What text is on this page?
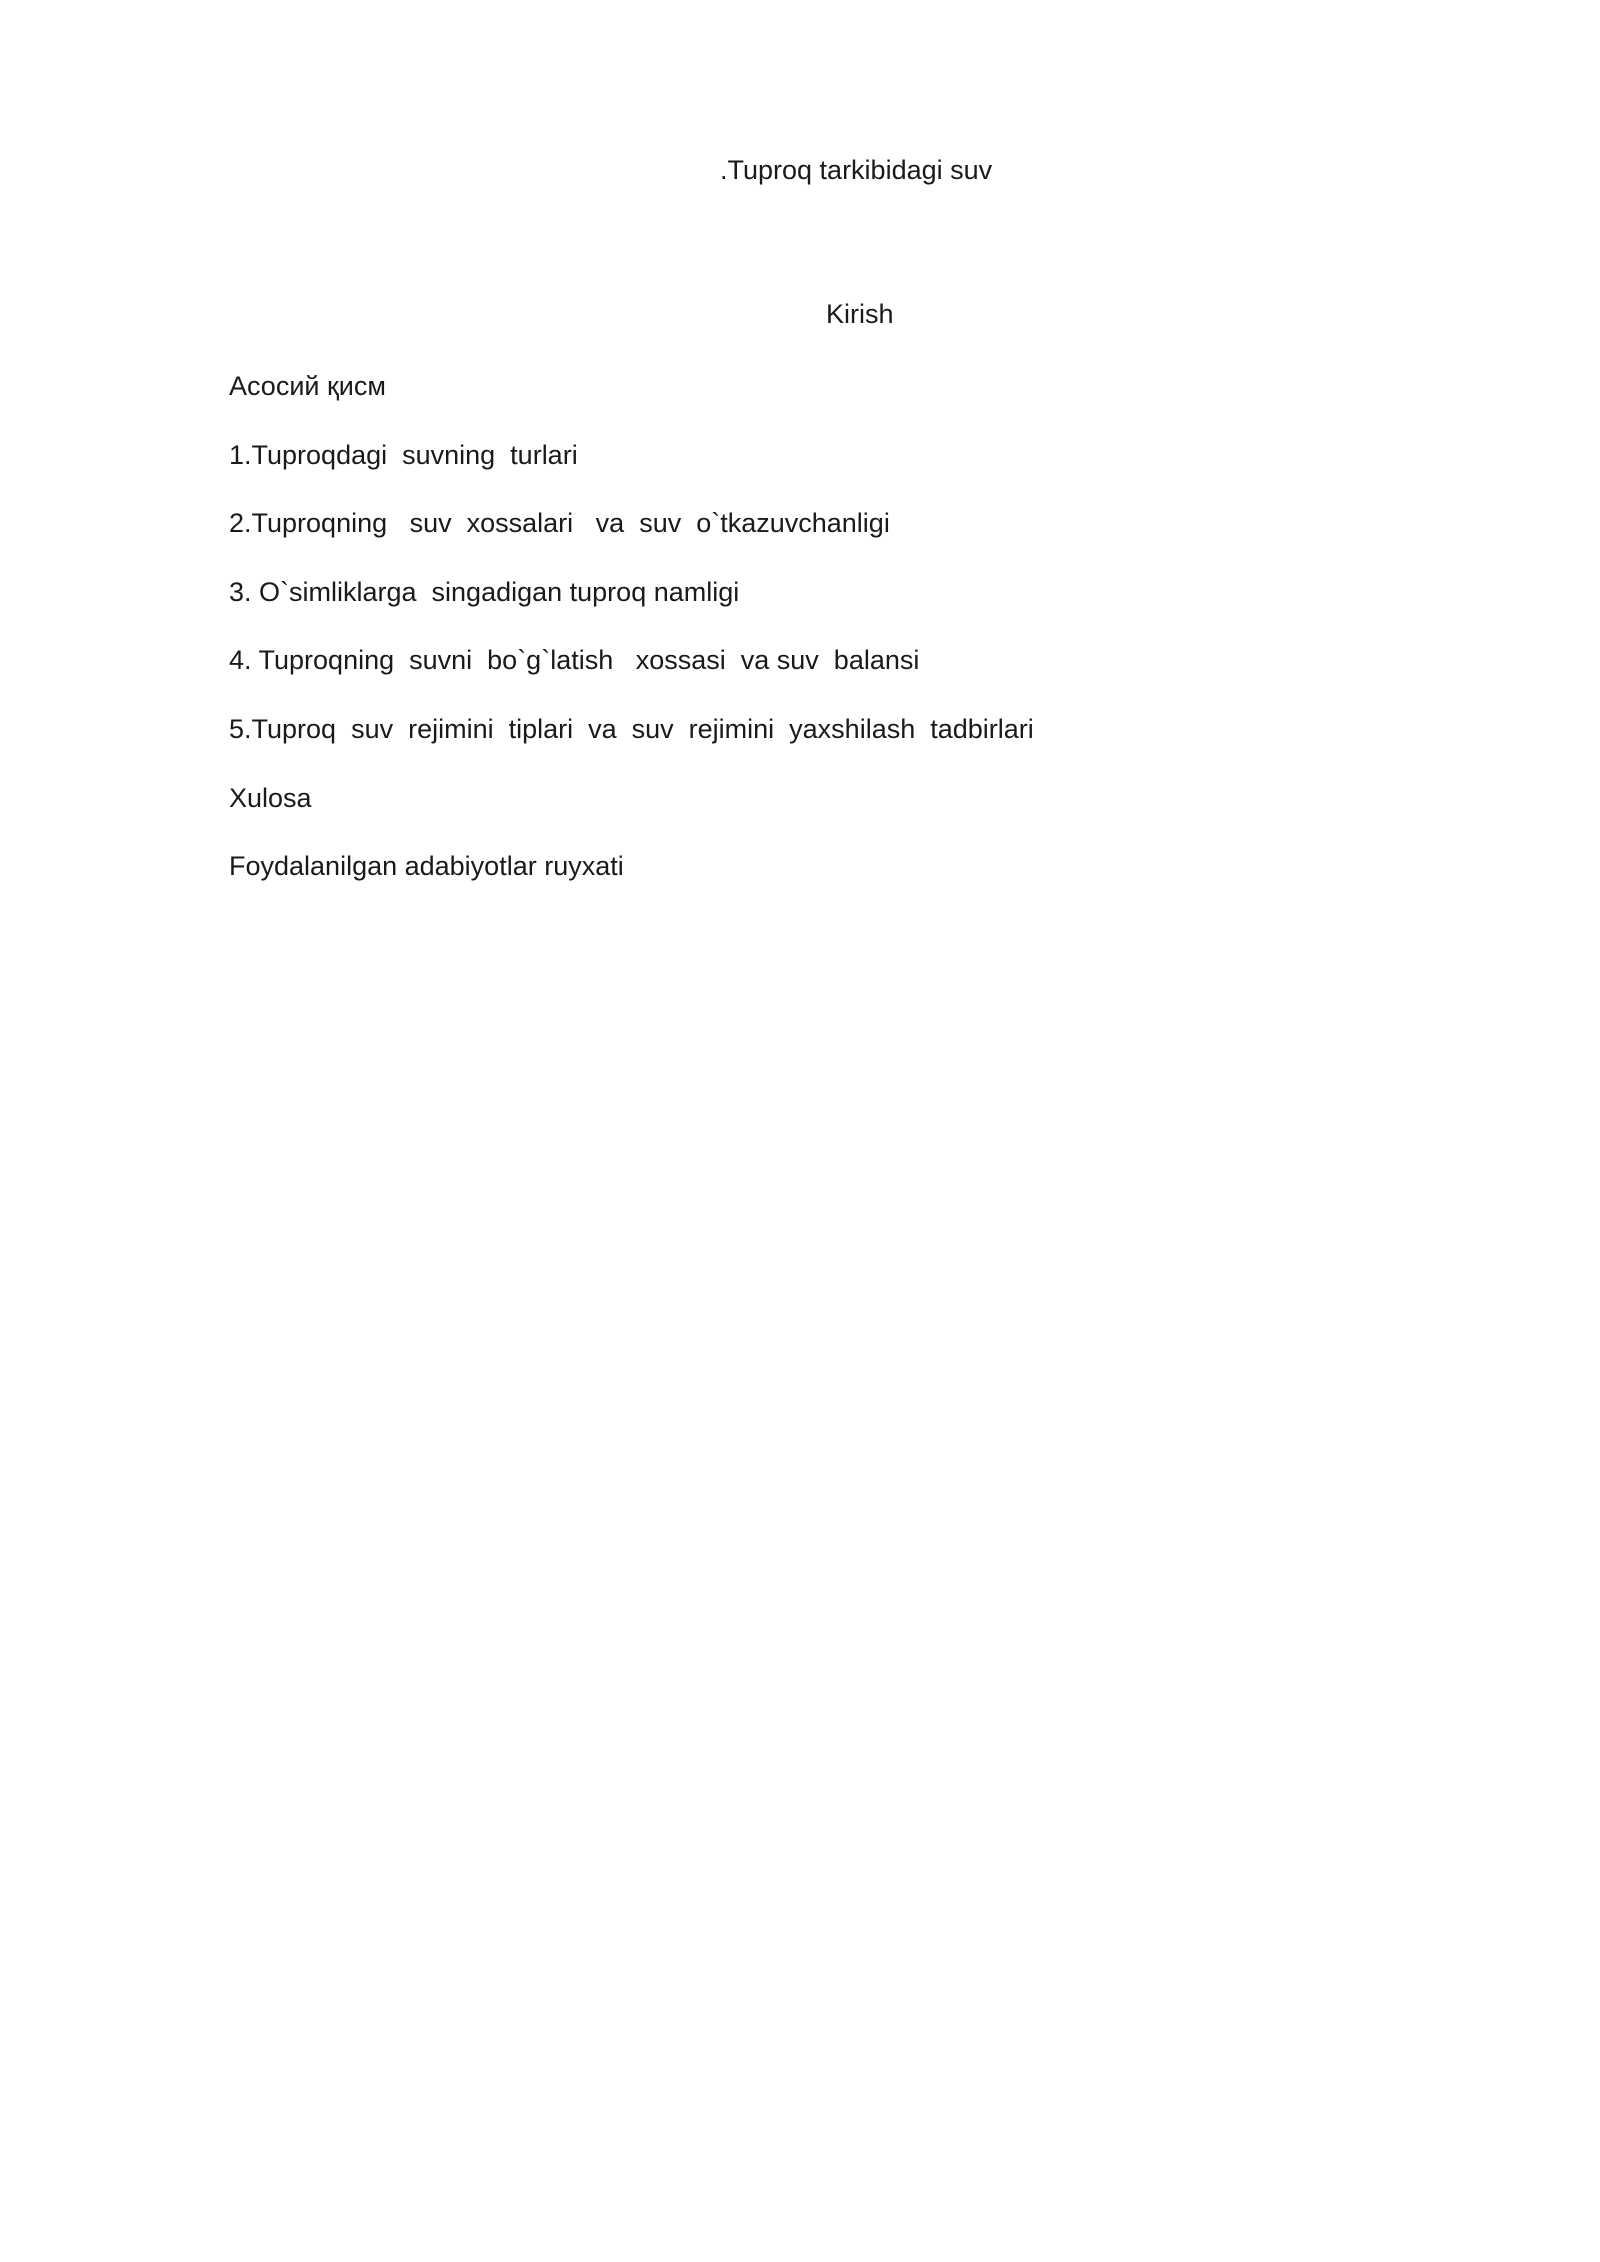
.Tuproq tarkibidagi suv
Kirish
Асосий қисм
1.Tuproqdagi  suvning  turlari
2.Tuproqning   suv  xossalari   va  suv  o`tkazuvchanligi
3. O`simliklarga  singadigan tuproq namligi
4. Tuproqning  suvni  bo`g`latish   xossasi  va suv  balansi
5.Tuproq  suv  rejimini  tiplari  va  suv  rejimini  yaxshilash  tadbirlari
Xulosa
Foydalanilgan adabiyotlar ruyxati
